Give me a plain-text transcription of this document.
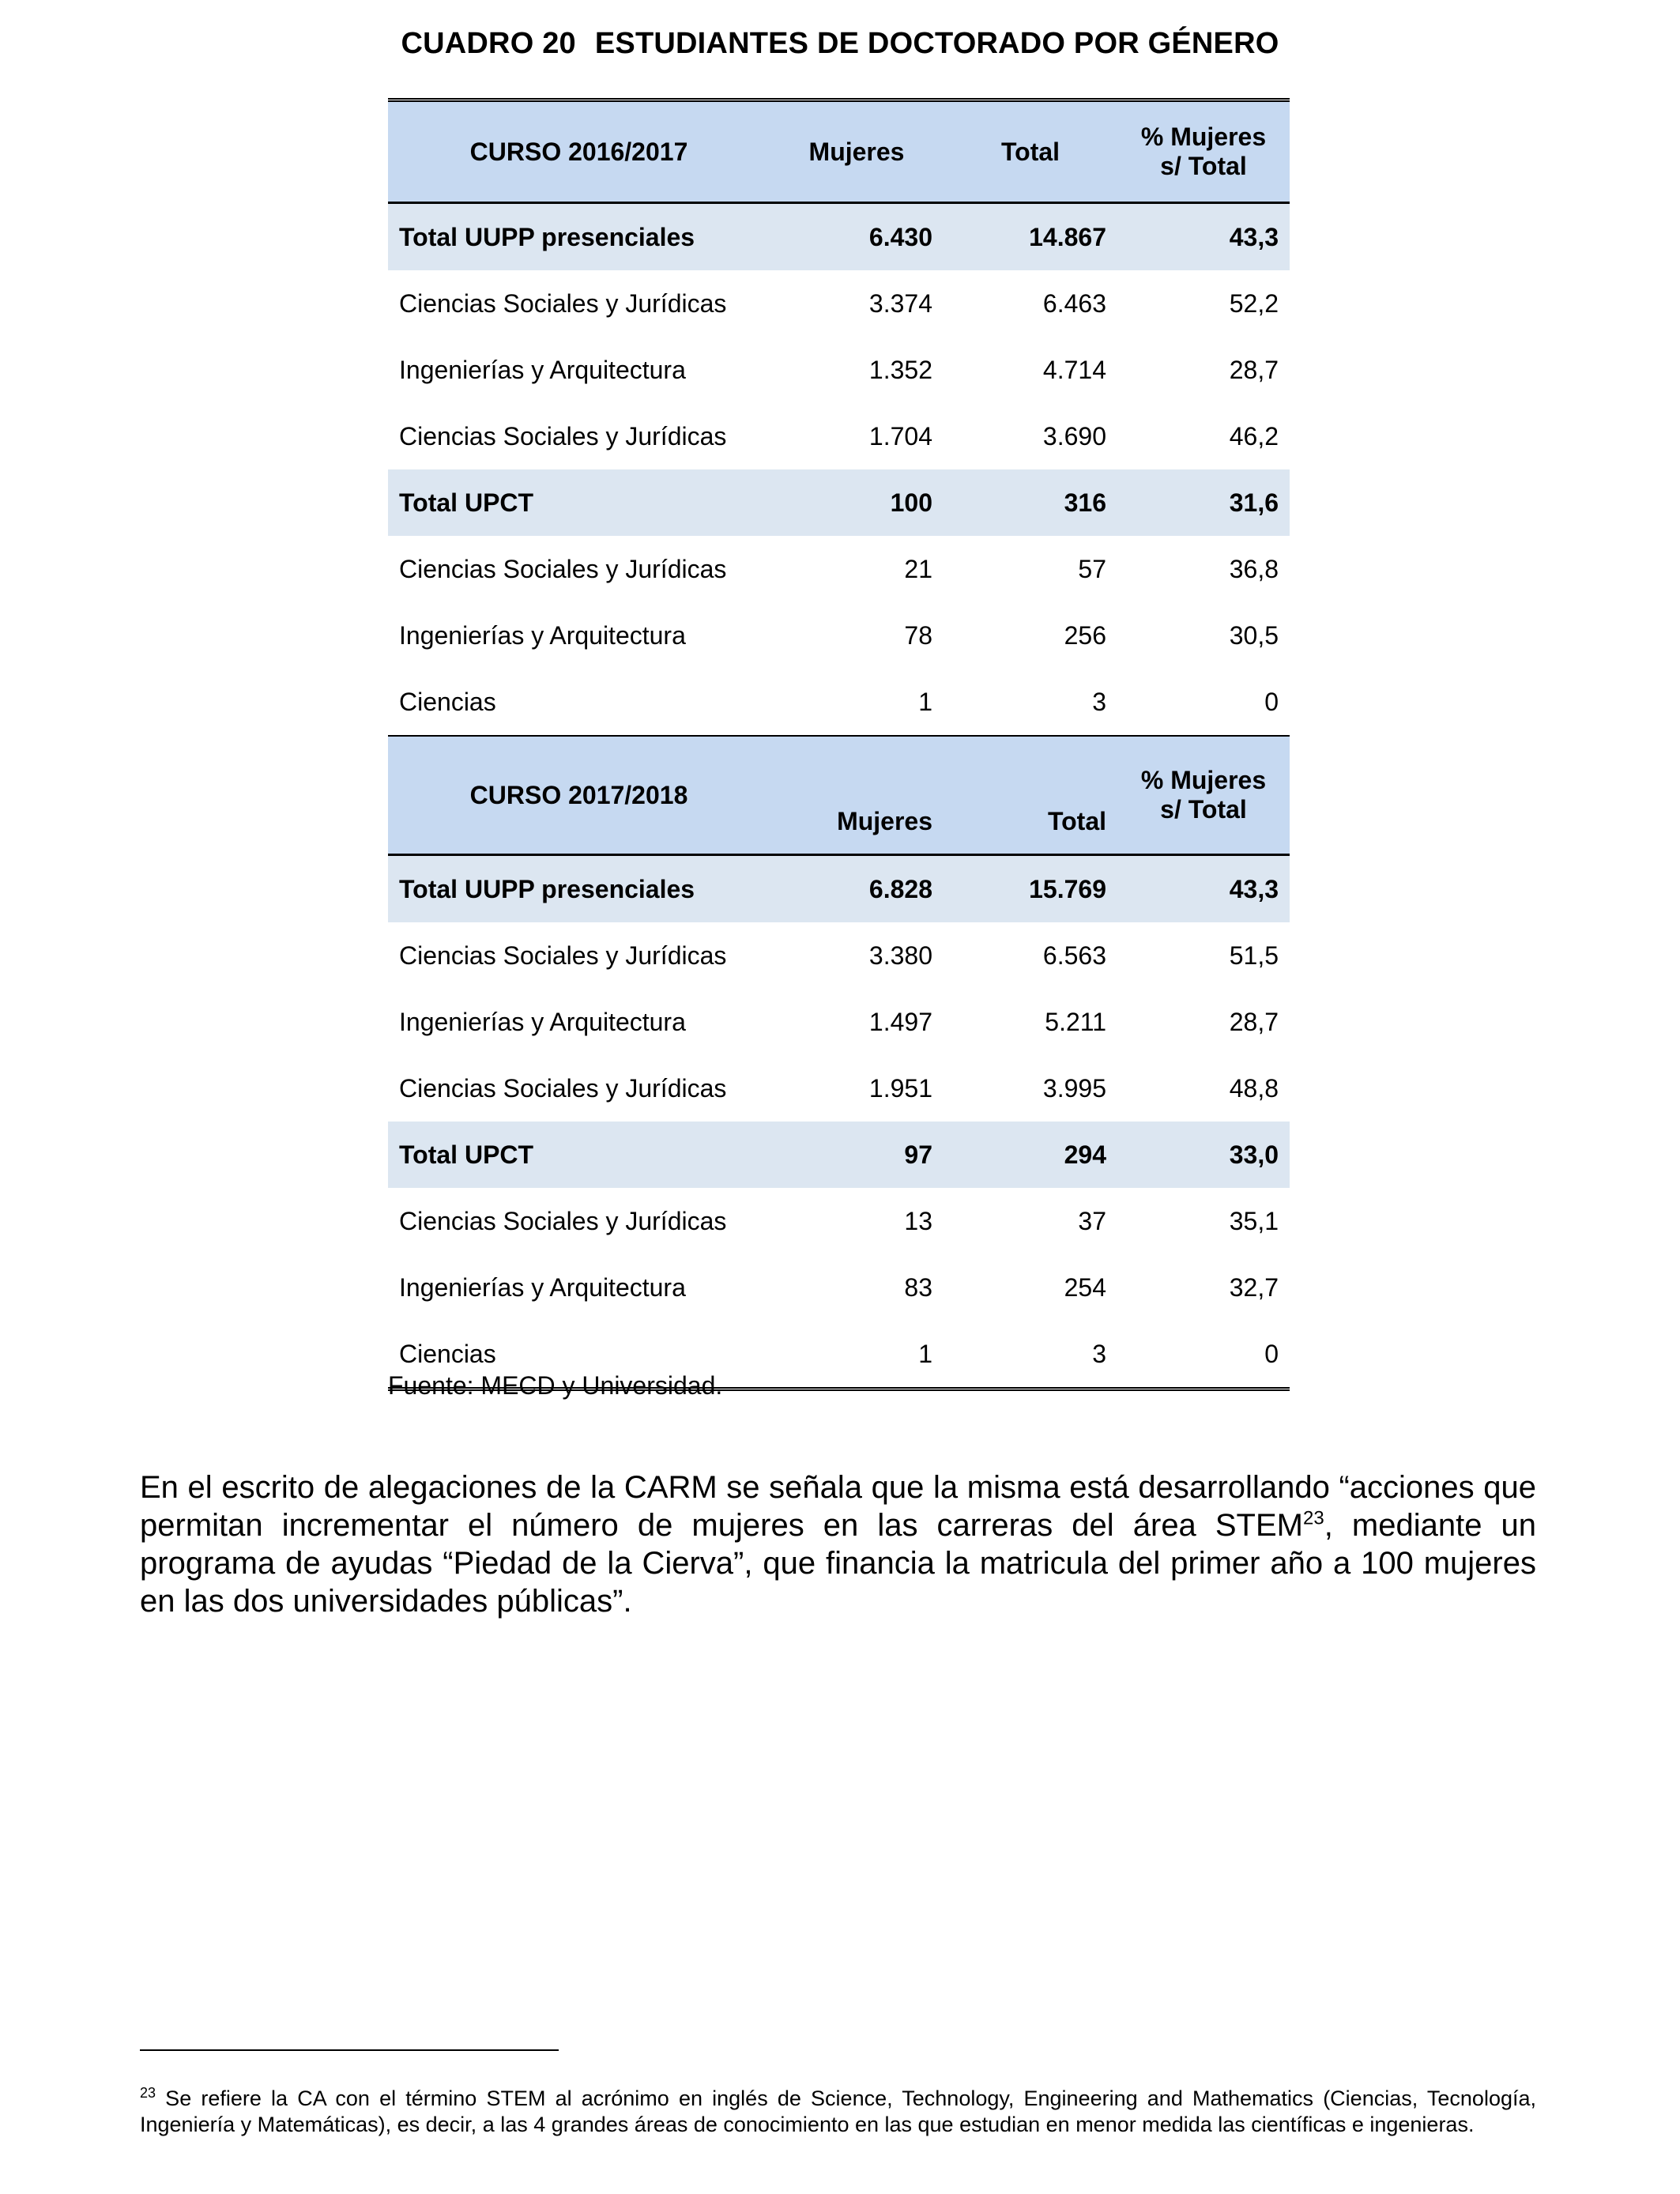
CUADRO 20 ESTUDIANTES DE DOCTORADO POR GÉNERO
CURSO 2016/2017	Mujeres	Total	% Mujeres s/ Total
Total UUPP presenciales	6.430	14.867	43,3
Ciencias Sociales y Jurídicas	3.374	6.463	52,2
Ingenierías y Arquitectura	1.352	4.714	28,7
Ciencias Sociales y Jurídicas	1.704	3.690	46,2
Total UPCT	100	316	31,6
Ciencias Sociales y Jurídicas	21	57	36,8
Ingenierías y Arquitectura	78	256	30,5
Ciencias	1	3	0
CURSO 2017/2018	Mujeres	Total	% Mujeres s/ Total
Total UUPP presenciales	6.828	15.769	43,3
Ciencias Sociales y Jurídicas	3.380	6.563	51,5
Ingenierías y Arquitectura	1.497	5.211	28,7
Ciencias Sociales y Jurídicas	1.951	3.995	48,8
Total UPCT	97	294	33,0
Ciencias Sociales y Jurídicas	13	37	35,1
Ingenierías y Arquitectura	83	254	32,7
Ciencias	1	3	0
Fuente: MECD y Universidad.

En el escrito de alegaciones de la CARM se señala que la misma está desarrollando “acciones que permitan incrementar el número de mujeres en las carreras del área STEM$^{23}$, mediante un programa de ayudas “Piedad de la Cierva”, que financia la matricula del primer año a 100 mujeres en las dos universidades públicas”.

$^{23}$ Se refiere la CA con el término STEM al acrónimo en inglés de Science, Technology, Engineering and Mathematics (Ciencias, Tecnología, Ingeniería y Matemáticas), es decir, a las 4 grandes áreas de conocimiento en las que estudian en menor medida las científicas e ingenieras.
